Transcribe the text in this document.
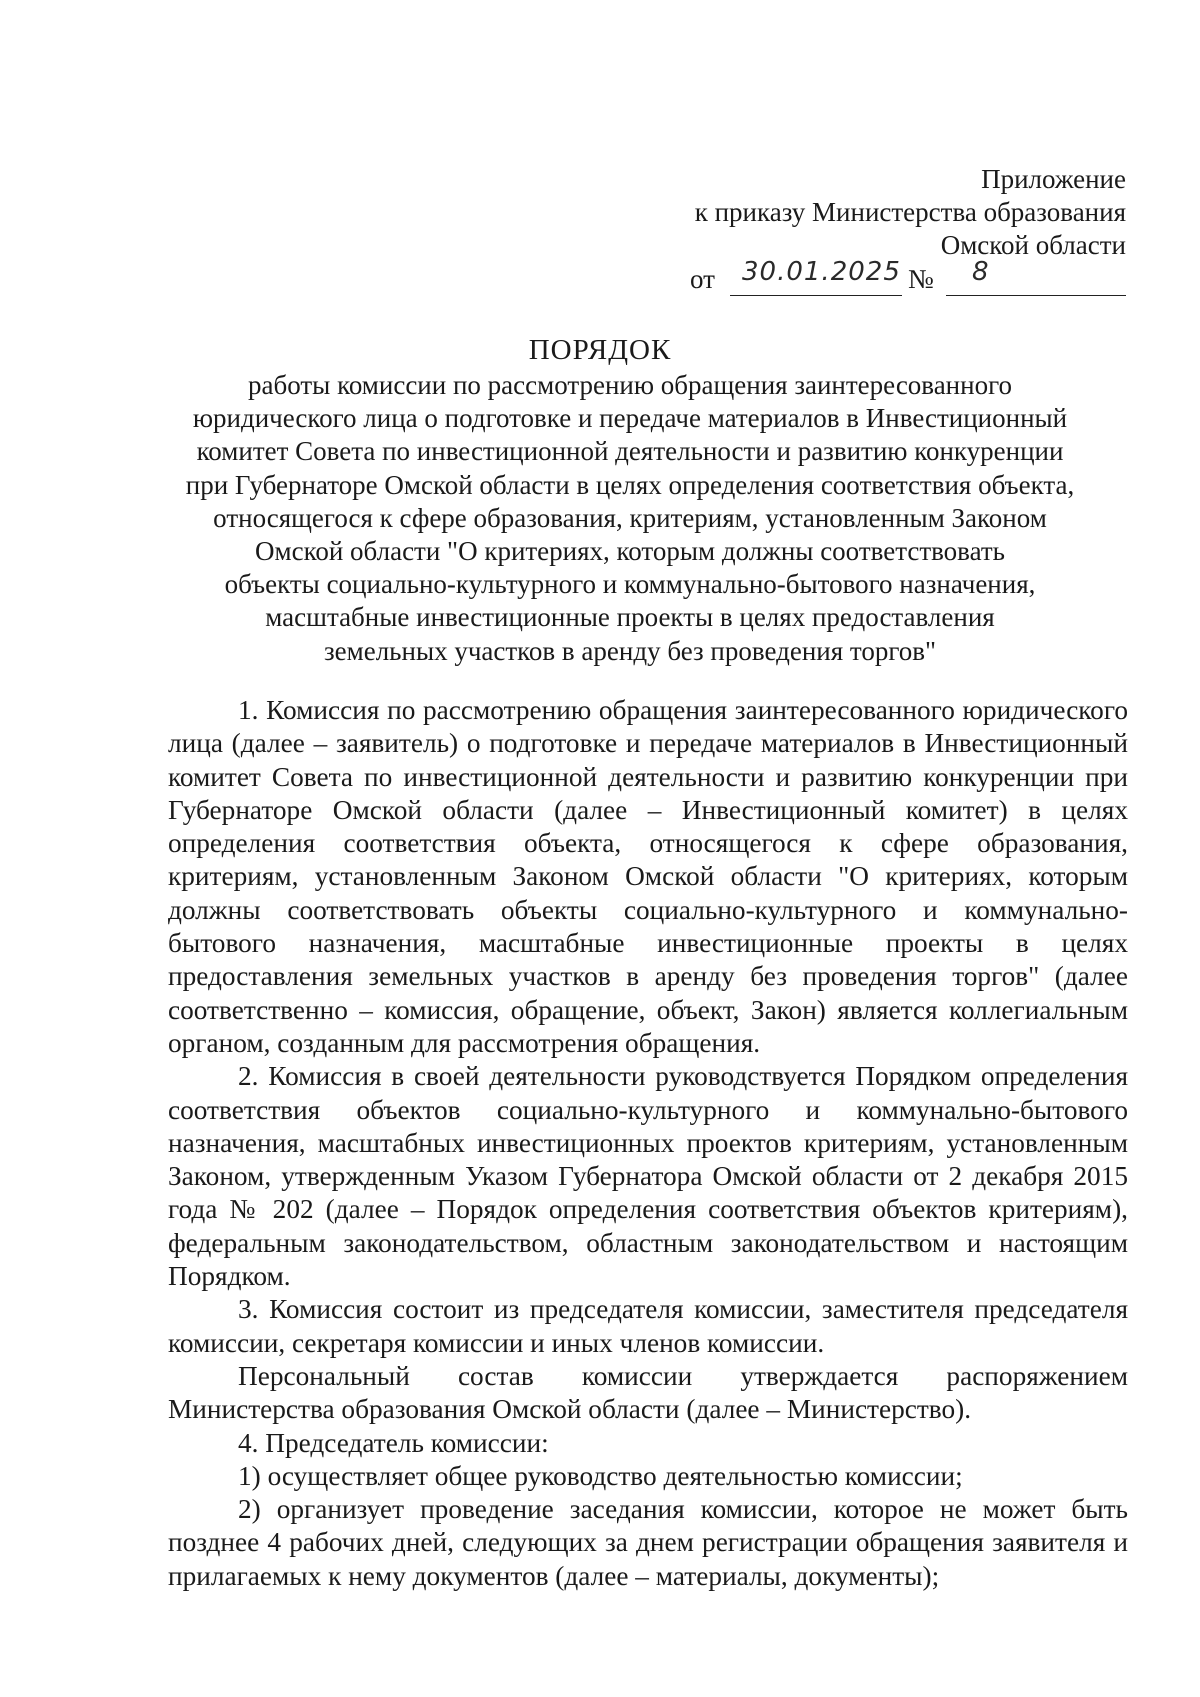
Приложение
к приказу Министерства образования
Омской области
от 30.01.2025 № 8
ПОРЯДОК
работы комиссии по рассмотрению обращения заинтересованного
юридического лица о подготовке и передаче материалов в Инвестиционный
комитет Совета по инвестиционной деятельности и развитию конкуренции
при Губернаторе Омской области в целях определения соответствия объекта,
относящегося к сфере образования, критериям, установленным Законом
Омской области "О критериях, которым должны соответствовать
объекты социально-культурного и коммунально-бытового назначения,
масштабные инвестиционные проекты в целях предоставления
земельных участков в аренду без проведения торгов"

1. Комиссия по рассмотрению обращения заинтересованного юридического лица (далее – заявитель) о подготовке и передаче материалов в Инвестиционный комитет Совета по инвестиционной деятельности и развитию конкуренции при Губернаторе Омской области (далее – Инвестиционный комитет) в целях определения соответствия объекта, относящегося к сфере образования, критериям, установленным Законом Омской области "О критериях, которым должны соответствовать объекты социально-культурного и коммунально-бытового назначения, масштабные инвестиционные проекты в целях предоставления земельных участков в аренду без проведения торгов" (далее соответственно – комиссия, обращение, объект, Закон) является коллегиальным органом, созданным для рассмотрения обращения.

2. Комиссия в своей деятельности руководствуется Порядком определения соответствия объектов социально-культурного и коммунально-бытового назначения, масштабных инвестиционных проектов критериям, установленным Законом, утвержденным Указом Губернатора Омской области от 2 декабря 2015 года № 202 (далее – Порядок определения соответствия объектов критериям), федеральным законодательством, областным законодательством и настоящим Порядком.

3. Комиссия состоит из председателя комиссии, заместителя председателя комиссии, секретаря комиссии и иных членов комиссии.

Персональный состав комиссии утверждается распоряжением Министерства образования Омской области (далее – Министерство).

4. Председатель комиссии:

1) осуществляет общее руководство деятельностью комиссии;

2) организует проведение заседания комиссии, которое не может быть позднее 4 рабочих дней, следующих за днем регистрации обращения заявителя и прилагаемых к нему документов (далее – материалы, документы);
